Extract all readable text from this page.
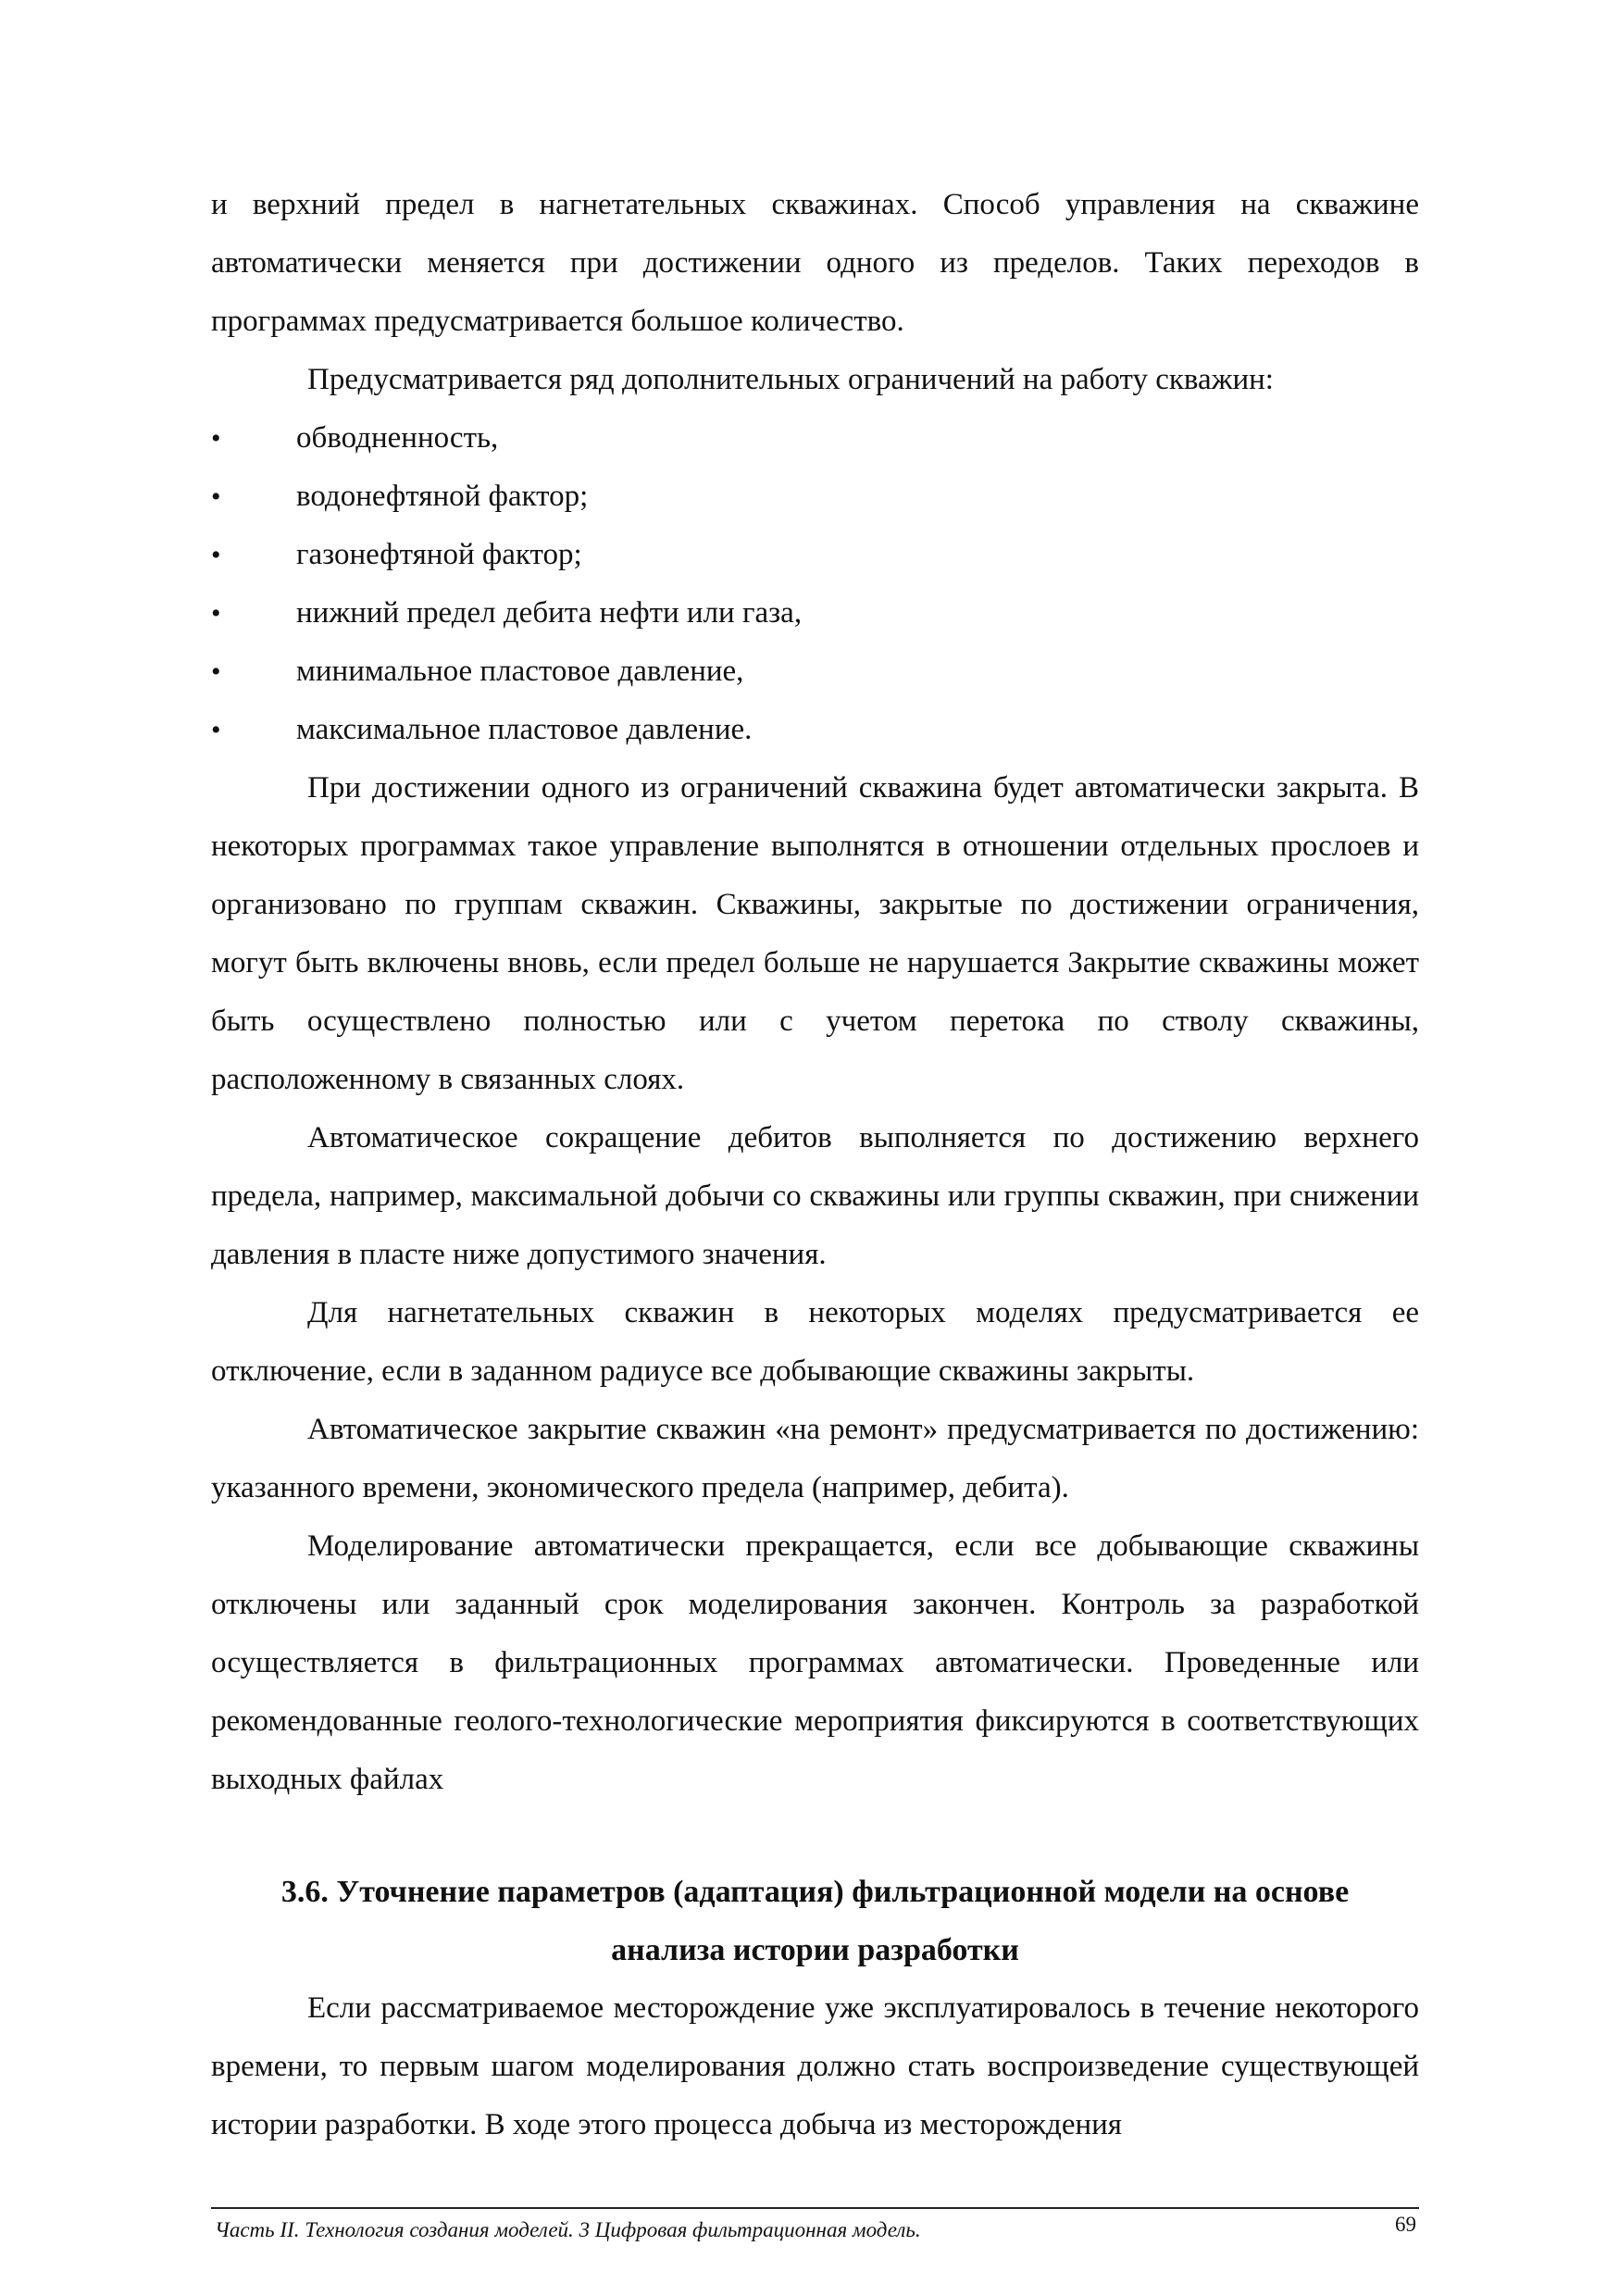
и верхний предел в нагнетательных скважинах. Способ управления на скважине автоматически меняется при достижении одного из пределов. Таких переходов в программах предусматривается большое количество.

Предусматривается ряд дополнительных ограничений на работу скважин:

•	обводненность,
•	водонефтяной фактор;
•	газонефтяной фактор;
•	нижний предел дебита нефти или газа,
•	минимальное пластовое давление,
•	максимальное пластовое давление.

При достижении одного из ограничений скважина будет автоматически закрыта. В некоторых программах такое управление выполнятся в отношении отдельных прослоев и организовано по группам скважин. Скважины, закрытые по достижении ограничения, могут быть включены вновь, если предел больше не нарушается Закрытие скважины может быть осуществлено полностью или с учетом перетока по стволу скважины, расположенному в связанных слоях.

Автоматическое сокращение дебитов выполняется по достижению верхнего предела, например, максимальной добычи со скважины или группы скважин, при снижении давления в пласте ниже допустимого значения.

Для нагнетательных скважин в некоторых моделях предусматривается ее отключение, если в заданном радиусе все добывающие скважины закрыты.

Автоматическое закрытие скважин «на ремонт» предусматривается по достижению: указанного времени, экономического предела (например, дебита).

Моделирование автоматически прекращается, если все добывающие скважины отключены или заданный срок моделирования закончен. Контроль за разработкой осуществляется в фильтрационных программах автоматически. Проведенные или рекомендованные геолого-технологические мероприятия фиксируются в соответствующих выходных файлах

3.6. Уточнение параметров (адаптация) фильтрационной модели на основе
анализа истории разработки

Если рассматриваемое месторождение уже эксплуатировалось в течение некоторого времени, то первым шагом моделирования должно стать воспроизведение существующей истории разработки. В ходе этого процесса добыча из месторождения

Часть II. Технология создания моделей. 3 Цифровая фильтрационная модель.	69
